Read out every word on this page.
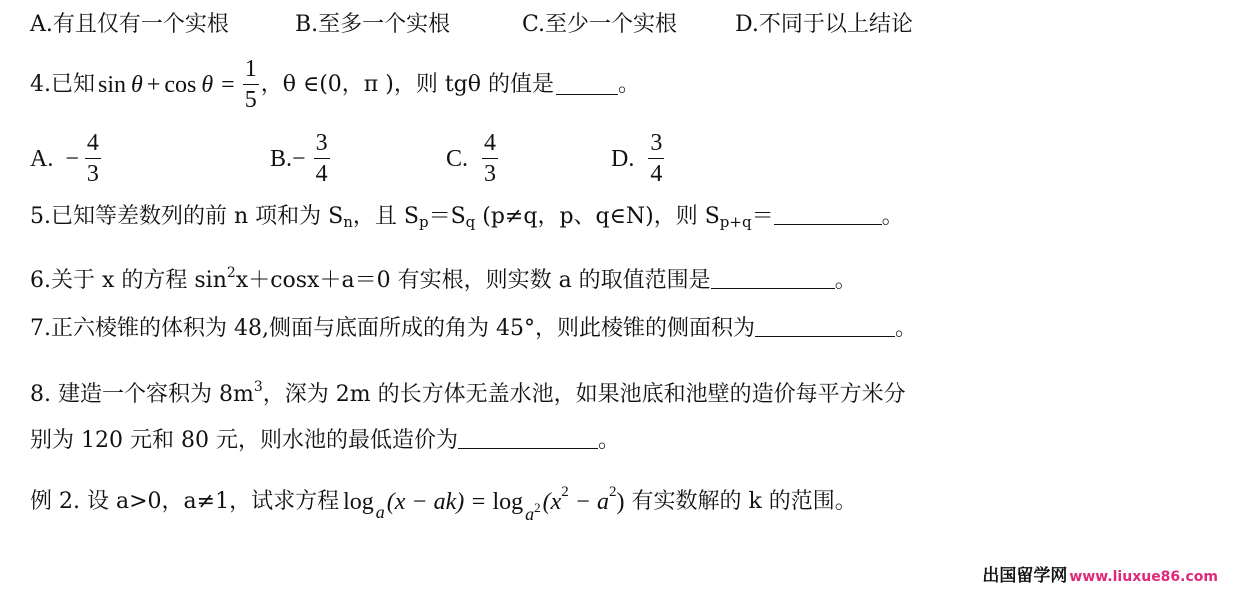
A.有且仅有一个实根	B.至多一个实根	C.至少一个实根	D.不同于以上结论
4.已知 $\sin \theta + \cos \theta = \frac{1}{5}$ ，θ ∈(0，π )，则 tgθ 的值是	。
A. − $\frac{4}{3}$	B. − $\frac{3}{4}$	C. $\frac{4}{3}$	D. $\frac{3}{4}$
5.已知等差数列的前 n 项和为 $S_n$，且 $S_p=S_q$ (p≠q，p、q∈N)，则 $S_{p+q}=$	。
6.关于 x 的方程 $\sin^2x+\cos x+a=0$ 有实根，则实数 a 的取值范围是	。
7.正六棱锥的体积为 48,侧面与底面所成的角为 45°，则此棱锥的侧面积为	。
8. 建造一个容积为 $8m^3$，深为 2m 的长方体无盖水池，如果池底和池壁的造价每平方米分
别为 120 元和 80 元，则水池的最低造价为	。
例 2. 设 a>0，a≠1，试求方程 log a $(x - ak) = \log a^2$ (x 2 − a 2 ) 有实数解的 k 的范围。
出国留学网 www.liuxue86.com
